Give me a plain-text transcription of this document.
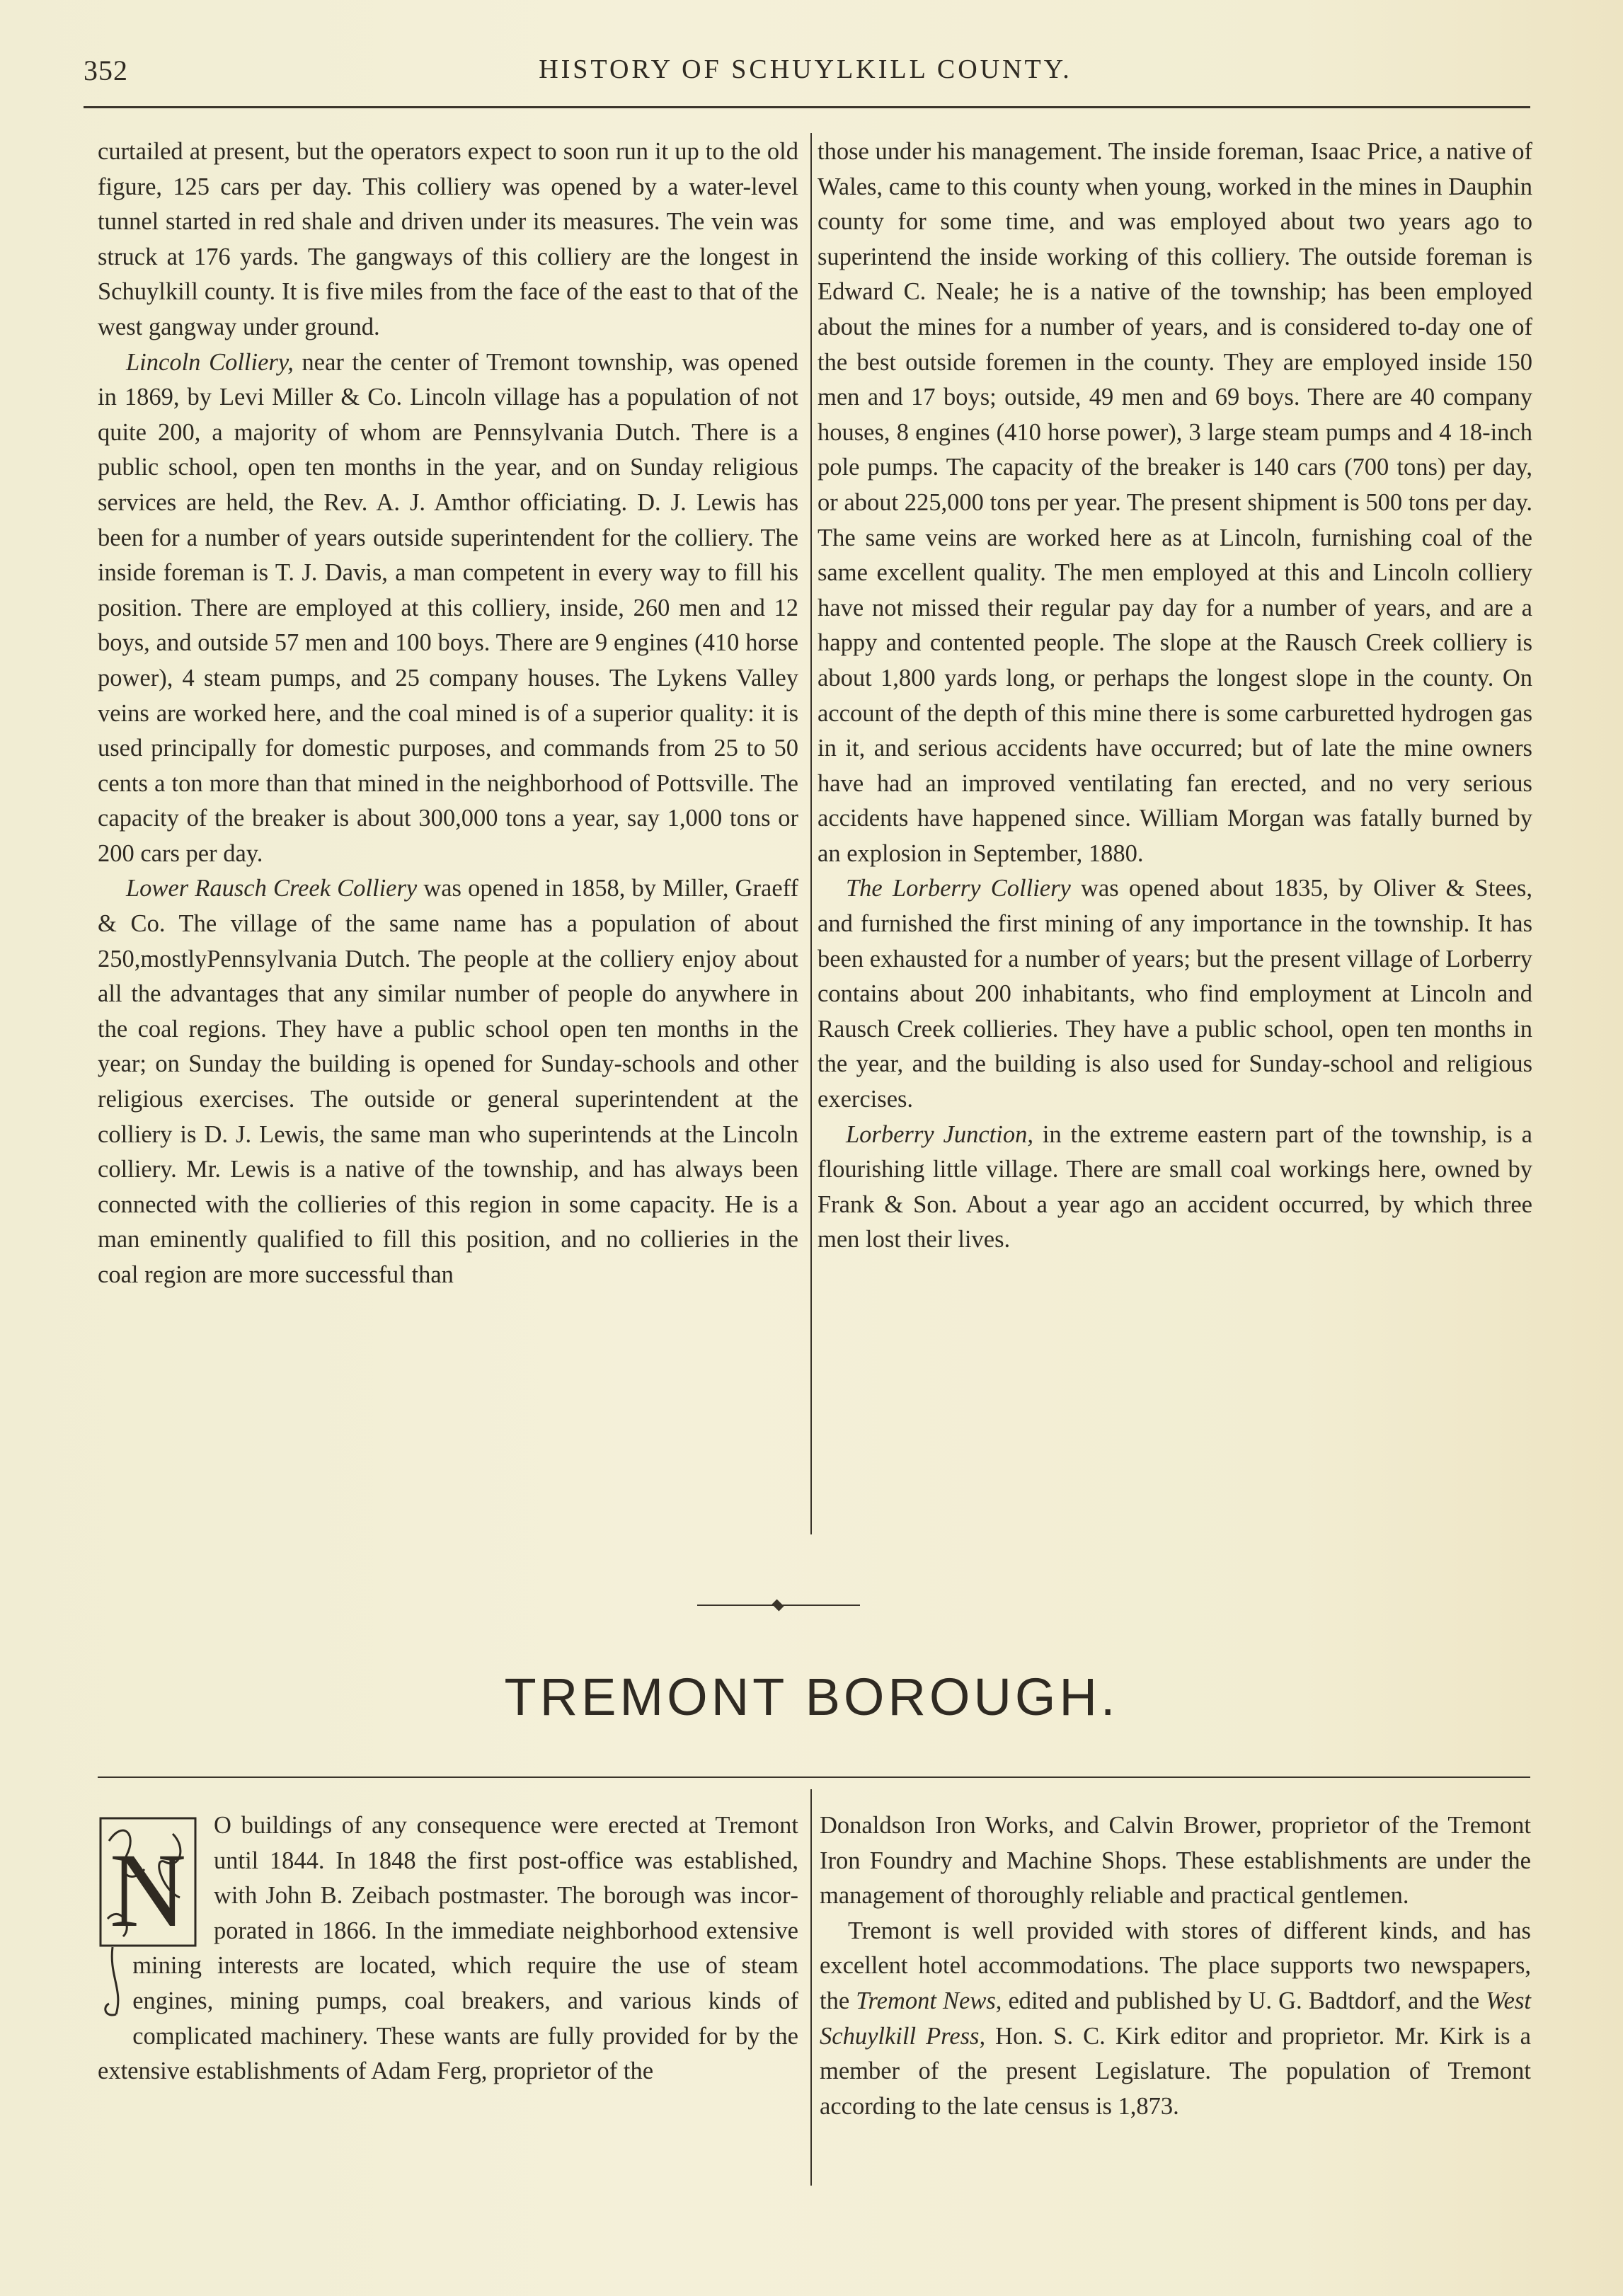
352	HISTORY OF SCHUYLKILL COUNTY.

curtailed at present, but the operators expect to soon run it up to the old figure, 125 cars per day. This colliery was opened by a water-level tunnel started in red shale and driven under its measures. The vein was struck at 176 yards. The gangways of this colliery are the longest in Schuylkill county. It is five miles from the face of the east to that of the west gangway under ground.

Lincoln Colliery, near the center of Tremont township, was opened in 1869, by Levi Miller & Co. Lincoln village has a population of not quite 200, a majority of whom are Pennsylvania Dutch. There is a public school, open ten months in the year, and on Sunday religious services are held, the Rev. A. J. Amthor officiating. D. J. Lewis has been for a number of years outside superintendent for the colliery. The inside foreman is T. J. Davis, a man competent in every way to fill his position. There are employed at this colliery, inside, 260 men and 12 boys, and outside 57 men and 100 boys. There are 9 engines (410 horse power), 4 steam pumps, and 25 company houses. The Lykens Valley veins are worked here, and the coal mined is of a superior quality: it is used principally for domestic purposes, and commands from 25 to 50 cents a ton more than that mined in the neighborhood of Pottsville. The capacity of the breaker is about 300,000 tons a year, say 1,000 tons or 200 cars per day.

Lower Rausch Creek Colliery was opened in 1858, by Miller, Graeff & Co. The village of the same name has a population of about 250,mostlyPennsylvania Dutch. The people at the colliery enjoy about all the advantages that any similar number of people do anywhere in the coal regions. They have a public school open ten months in the year; on Sunday the building is opened for Sunday-schools and other religious exercises. The outside or general superintendent at the colliery is D. J. Lewis, the same man who superintends at the Lincoln colliery. Mr. Lewis is a native of the township, and has always been connected with the collieries of this region in some capacity. He is a man eminently qualified to fill this position, and no collieries in the coal region are more successful than

those under his management. The inside foreman, Isaac Price, a native of Wales, came to this county when young, worked in the mines in Dauphin county for some time, and was employed about two years ago to superintend the inside working of this colliery. The outside foreman is Edward C. Neale; he is a native of the township; has been employed about the mines for a number of years, and is considered to-day one of the best outside foremen in the county. They are employed inside 150 men and 17 boys; outside, 49 men and 69 boys. There are 40 company houses, 8 engines (410 horse power), 3 large steam pumps and 4 18-inch pole pumps. The capacity of the breaker is 140 cars (700 tons) per day, or about 225,000 tons per year. The present shipment is 500 tons per day. The same veins are worked here as at Lincoln, furnishing coal of the same excellent quality. The men employed at this and Lincoln colliery have not missed their regular pay day for a number of years, and are a happy and contented people. The slope at the Rausch Creek colliery is about 1,800 yards long, or perhaps the longest slope in the county. On account of the depth of this mine there is some carburetted hydrogen gas in it, and serious accidents have occurred; but of late the mine owners have had an improved ventilating fan erected, and no very serious accidents have happened since. William Morgan was fatally burned by an explosion in September, 1880.

The Lorberry Colliery was opened about 1835, by Oliver & Stees, and furnished the first mining of any importance in the township. It has been exhausted for a number of years; but the present village of Lorberry contains about 200 inhabitants, who find employment at Lincoln and Rausch Creek collieries. They have a public school, open ten months in the year, and the building is also used for Sunday-school and religious exercises.

Lorberry Junction, in the extreme eastern part of the township, is a flourishing little village. There are small coal workings here, owned by Frank & Son. About a year ago an accident occurred, by which three men lost their lives.

TREMONT BOROUGH.
N

O buildings of any consequence were erected at Tremont until 1844. In 1848 the first post-office was established, with John B. Zeibach postmaster. The borough was incorporated in 1866. In the immediate neighborhood extensive mining interests are located, which require the use of steam engines, mining pumps, coal breakers, and various kinds of complicated machinery. These wants are fully provided for by the extensive establishments of Adam Ferg, proprietor of the

Donaldson Iron Works, and Calvin Brower, proprietor of the Tremont Iron Foundry and Machine Shops. These establishments are under the management of thoroughly reliable and practical gentlemen.

Tremont is well provided with stores of different kinds, and has excellent hotel accommodations. The place supports two newspapers, the Tremont News, edited and published by U. G. Badtdorf, and the West Schuylkill Press, Hon. S. C. Kirk editor and proprietor. Mr. Kirk is a member of the present Legislature. The population of Tremont according to the late census is 1,873.
